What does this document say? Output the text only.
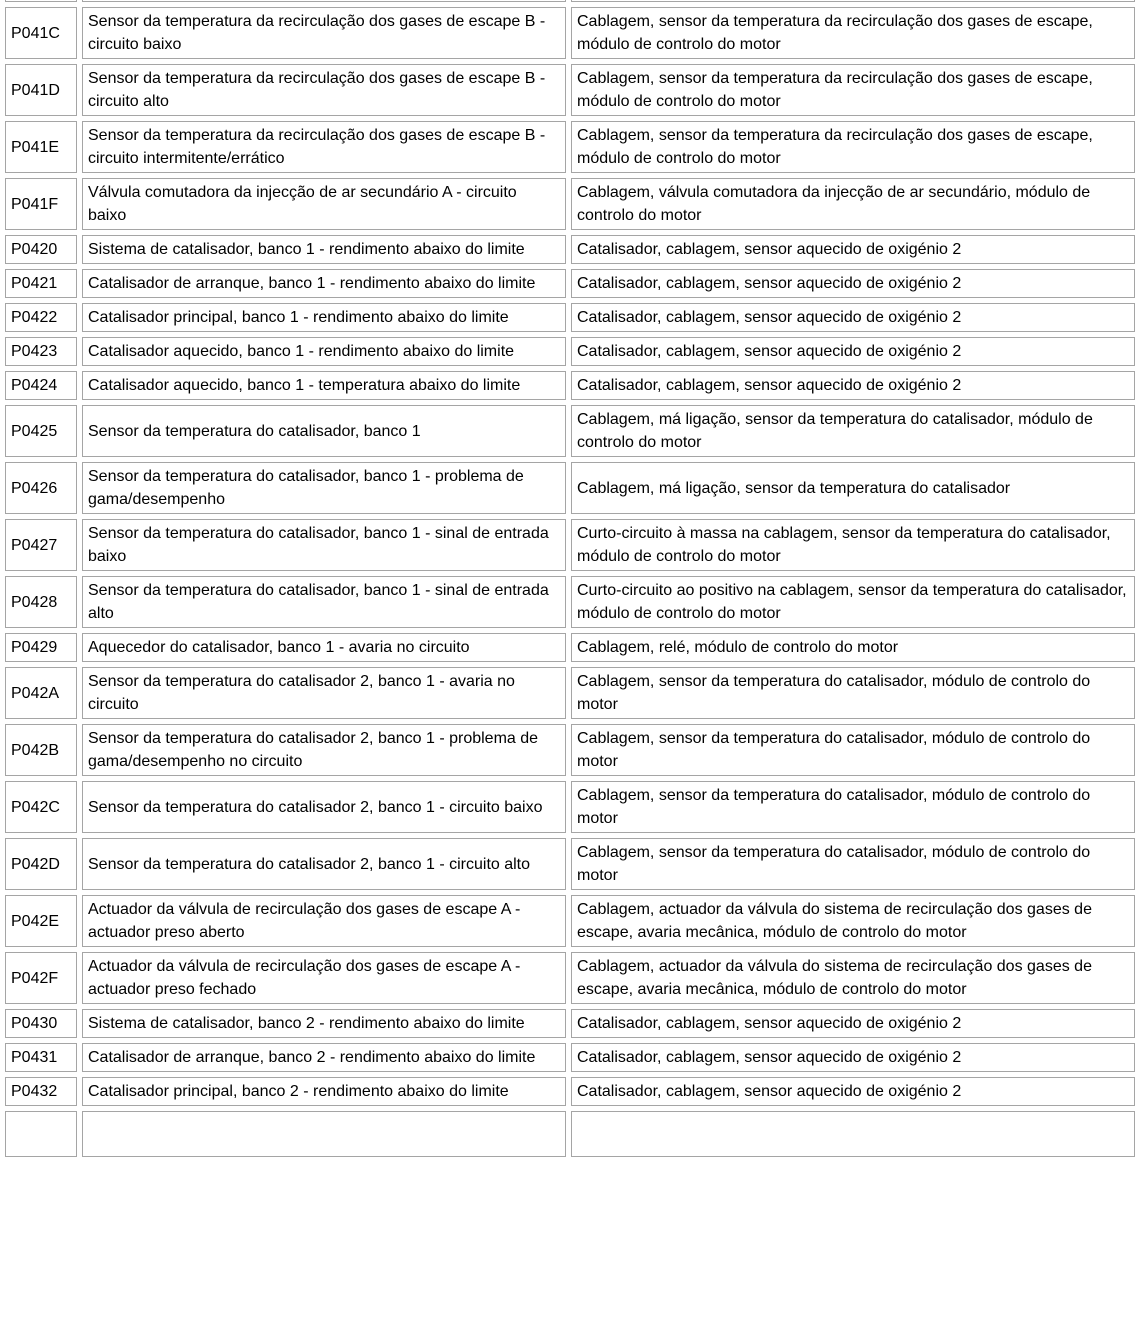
P041C	Sensor da temperatura da recirculação dos gases de escape B - circuito baixo	Cablagem, sensor da temperatura da recirculação dos gases de escape, módulo de controlo do motor
P041D	Sensor da temperatura da recirculação dos gases de escape B - circuito alto	Cablagem, sensor da temperatura da recirculação dos gases de escape, módulo de controlo do motor
P041E	Sensor da temperatura da recirculação dos gases de escape B - circuito intermitente/errático	Cablagem, sensor da temperatura da recirculação dos gases de escape, módulo de controlo do motor
P041F	Válvula comutadora da injecção de ar secundário A - circuito baixo	Cablagem, válvula comutadora da injecção de ar secundário, módulo de controlo do motor
P0420	Sistema de catalisador, banco 1 - rendimento abaixo do limite	Catalisador, cablagem, sensor aquecido de oxigénio 2
P0421	Catalisador de arranque, banco 1 - rendimento abaixo do limite	Catalisador, cablagem, sensor aquecido de oxigénio 2
P0422	Catalisador principal, banco 1 - rendimento abaixo do limite	Catalisador, cablagem, sensor aquecido de oxigénio 2
P0423	Catalisador aquecido, banco 1 - rendimento abaixo do limite	Catalisador, cablagem, sensor aquecido de oxigénio 2
P0424	Catalisador aquecido, banco 1 - temperatura abaixo do limite	Catalisador, cablagem, sensor aquecido de oxigénio 2
P0425	Sensor da temperatura do catalisador, banco 1	Cablagem, má ligação, sensor da temperatura do catalisador, módulo de controlo do motor
P0426	Sensor da temperatura do catalisador, banco 1 - problema de gama/desempenho	Cablagem, má ligação, sensor da temperatura do catalisador
P0427	Sensor da temperatura do catalisador, banco 1 - sinal de entrada baixo	Curto-circuito à massa na cablagem, sensor da temperatura do catalisador, módulo de controlo do motor
P0428	Sensor da temperatura do catalisador, banco 1 - sinal de entrada alto	Curto-circuito ao positivo na cablagem, sensor da temperatura do catalisador, módulo de controlo do motor
P0429	Aquecedor do catalisador, banco 1 - avaria no circuito	Cablagem, relé, módulo de controlo do motor
P042A	Sensor da temperatura do catalisador 2, banco 1 - avaria no circuito	Cablagem, sensor da temperatura do catalisador, módulo de controlo do motor
P042B	Sensor da temperatura do catalisador 2, banco 1 - problema de gama/desempenho no circuito	Cablagem, sensor da temperatura do catalisador, módulo de controlo do motor
P042C	Sensor da temperatura do catalisador 2, banco 1 - circuito baixo	Cablagem, sensor da temperatura do catalisador, módulo de controlo do motor
P042D	Sensor da temperatura do catalisador 2, banco 1 - circuito alto	Cablagem, sensor da temperatura do catalisador, módulo de controlo do motor
P042E	Actuador da válvula de recirculação dos gases de escape A - actuador preso aberto	Cablagem, actuador da válvula do sistema de recirculação dos gases de escape, avaria mecânica, módulo de controlo do motor
P042F	Actuador da válvula de recirculação dos gases de escape A - actuador preso fechado	Cablagem, actuador da válvula do sistema de recirculação dos gases de escape, avaria mecânica, módulo de controlo do motor
P0430	Sistema de catalisador, banco 2 - rendimento abaixo do limite	Catalisador, cablagem, sensor aquecido de oxigénio 2
P0431	Catalisador de arranque, banco 2 - rendimento abaixo do limite	Catalisador, cablagem, sensor aquecido de oxigénio 2
P0432	Catalisador principal, banco 2 - rendimento abaixo do limite	Catalisador, cablagem, sensor aquecido de oxigénio 2
